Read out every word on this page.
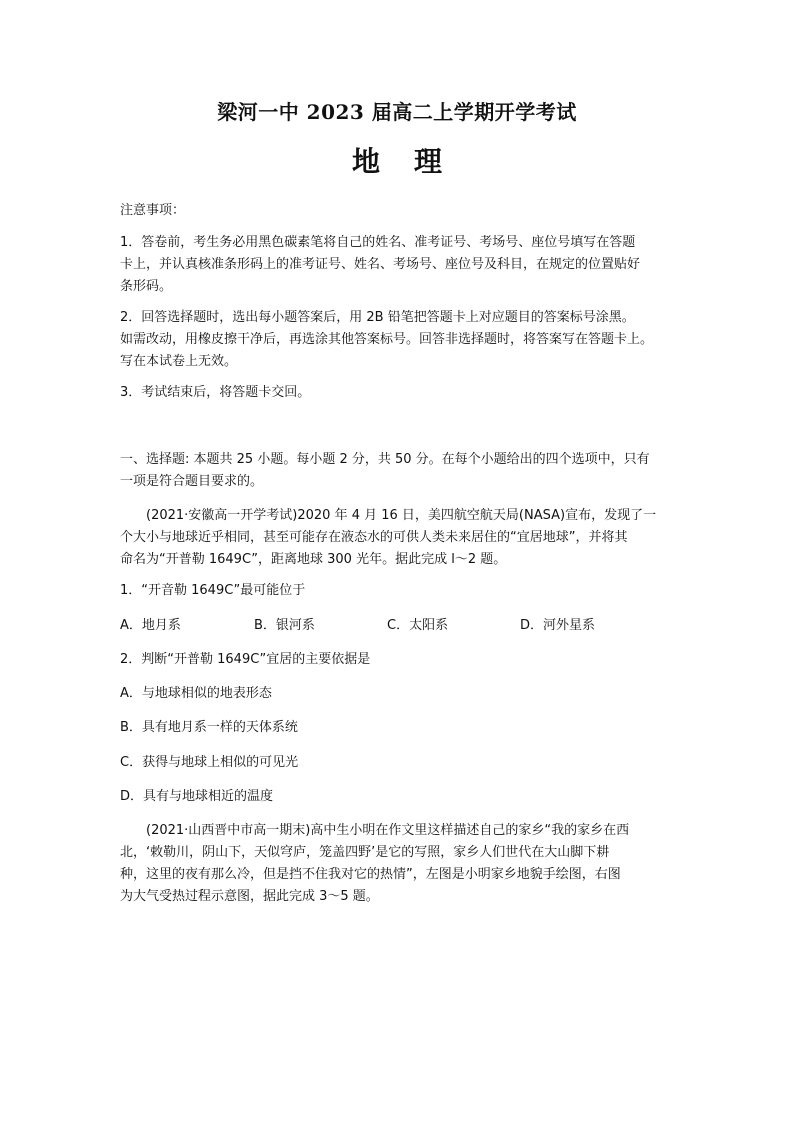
梁河一中 2023 届高二上学期开学考试
地理
注意事项：
1．答卷前，考生务必用黑色碳素笔将自己的姓名、准考证号、考场号、座位号填写在答题
卡上，并认真核准条形码上的准考证号、姓名、考场号、座位号及科目，在规定的位置贴好
条形码。
2．回答选择题时，选出每小题答案后，用 2B 铅笔把答题卡上对应题目的答案标号涂黑。
如需改动，用橡皮擦干净后，再选涂其他答案标号。回答非选择题时，将答案写在答题卡上。
写在本试卷上无效。
3．考试结束后，将答题卡交回。
一、选择题: 本题共 25 小题。每小题 2 分，共 50 分。在每个小题给出的四个选项中，只有
一项是符合题目要求的。
(2021·安徽高一开学考试)2020 年 4 月 16 日，美四航空航天局(NASA)宣布，发现了一
个大小与地球近乎相同，甚至可能存在液态水的可供人类未来居住的“宜居地球”，并将其
命名为“开普勒 1649C”，距离地球 300 光年。据此完成 l～2 题。
1．“开音勒 1649C”最可能位于
A．地月系	B．银河系	C．太阳系	D．河外星系
2．判断“开普勒 1649C”宜居的主要依据是
A．与地球相似的地表形态
B．具有地月系一样的天体系统
C．获得与地球上相似的可见光
D．具有与地球相近的温度
(2021·山西晋中市高一期末)高中生小明在作文里这样描述自己的家乡“我的家乡在西
北，‘敕勒川，阴山下，天似穹庐，笼盖四野’是它的写照，家乡人们世代在大山脚下耕
种，这里的夜有那么冷，但是挡不住我对它的热情”，左图是小明家乡地貌手绘图，右图
为大气受热过程示意图，据此完成 3～5 题。
